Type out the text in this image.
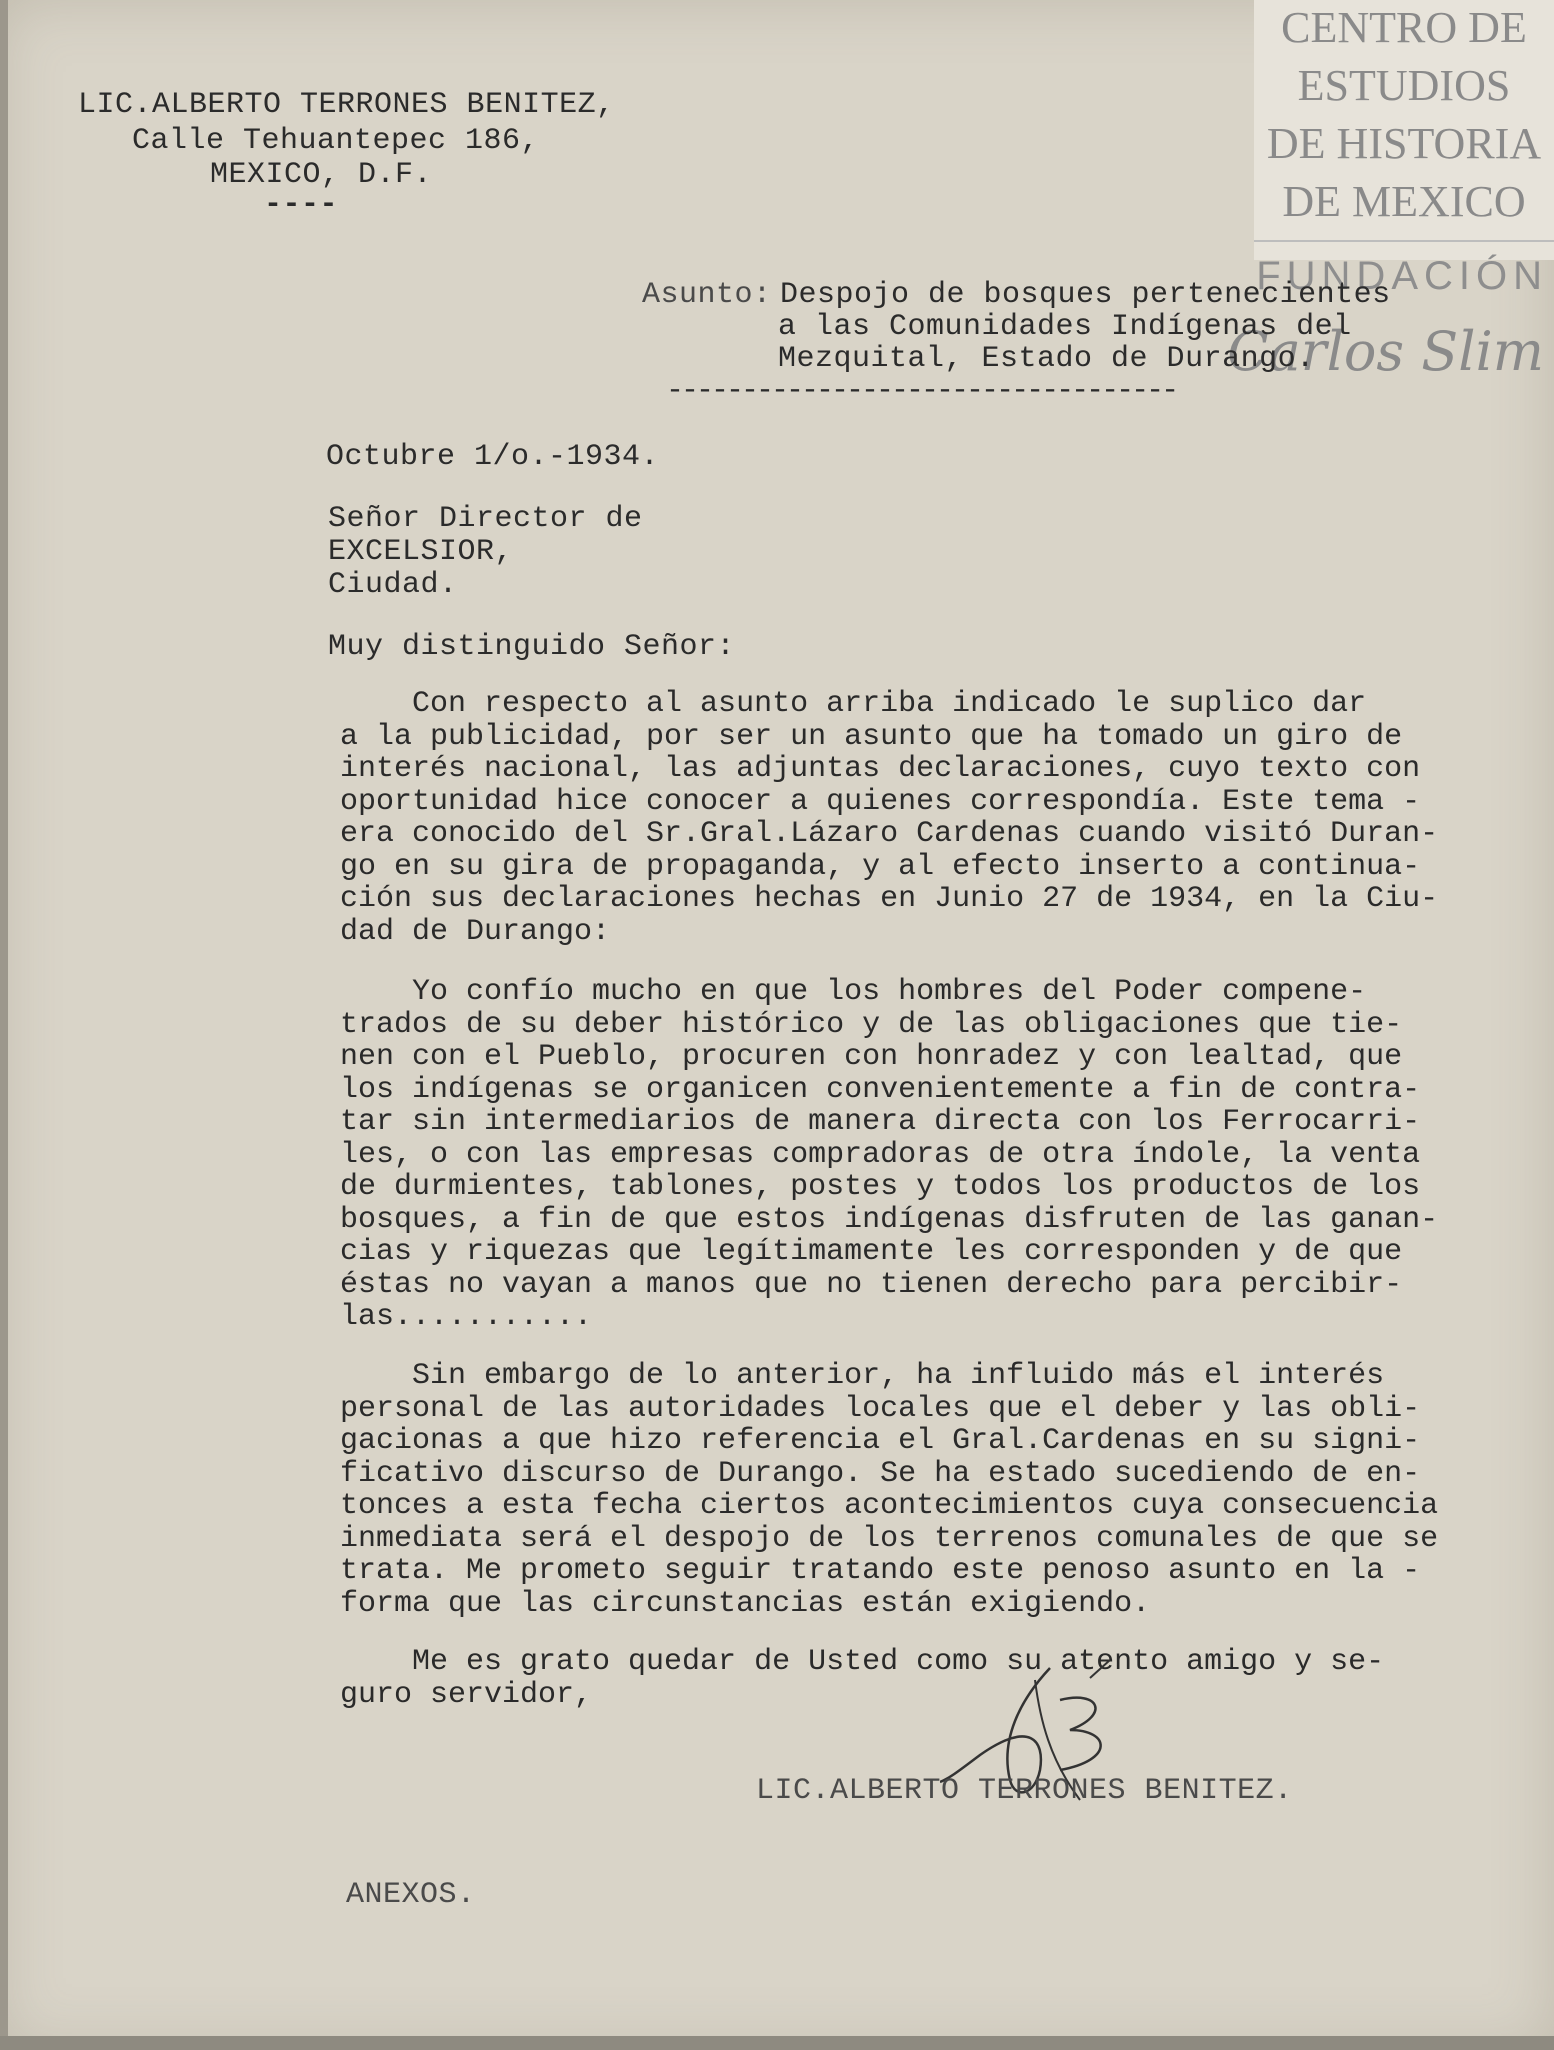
CENTRO DE
ESTUDIOS
DE HISTORIA
DE MEXICO
FUNDACIÓN
Carlos Slim
LIC.ALBERTO TERRONES BENITEZ,
Calle Tehuantepec 186,
MEXICO, D.F.
----
Asunto: Despojo de bosques pertenecientes
a las Comunidades Indígenas del
Mezquital, Estado de Durango.
----------------------------------
Octubre 1/o.-1934.
Señor Director de
EXCELSIOR,
Ciudad.
Muy distinguido Señor:
Con respecto al asunto arriba indicado le suplico dar
a la publicidad, por ser un asunto que ha tomado un giro de
interés nacional, las adjuntas declaraciones, cuyo texto con
oportunidad hice conocer a quienes correspondía. Este tema -
era conocido del Sr.Gral.Lázaro Cardenas cuando visitó Duran-
go en su gira de propaganda, y al efecto inserto a continua-
ción sus declaraciones hechas en Junio 27 de 1934, en la Ciu-
dad de Durango:
Yo confío mucho en que los hombres del Poder compene-
trados de su deber histórico y de las obligaciones que tie-
nen con el Pueblo, procuren con honradez y con lealtad, que
los indígenas se organicen convenientemente a fin de contra-
tar sin intermediarios de manera directa con los Ferrocarri-
les, o con las empresas compradoras de otra índole, la venta
de durmientes, tablones, postes y todos los productos de los
bosques, a fin de que estos indígenas disfruten de las ganan-
cias y riquezas que legítimamente les corresponden y de que
éstas no vayan a manos que no tienen derecho para percibir-
las...........
Sin embargo de lo anterior, ha influido más el interés
personal de las autoridades locales que el deber y las obli-
gacionas a que hizo referencia el Gral.Cardenas en su signi-
ficativo discurso de Durango. Se ha estado sucediendo de en-
tonces a esta fecha ciertos acontecimientos cuya consecuencia
inmediata será el despojo de los terrenos comunales de que se
trata. Me prometo seguir tratando este penoso asunto en la -
forma que las circunstancias están exigiendo.
Me es grato quedar de Usted como su atento amigo y se-
guro servidor,
LIC.ALBERTO TERRONES BENITEZ.
ANEXOS.
